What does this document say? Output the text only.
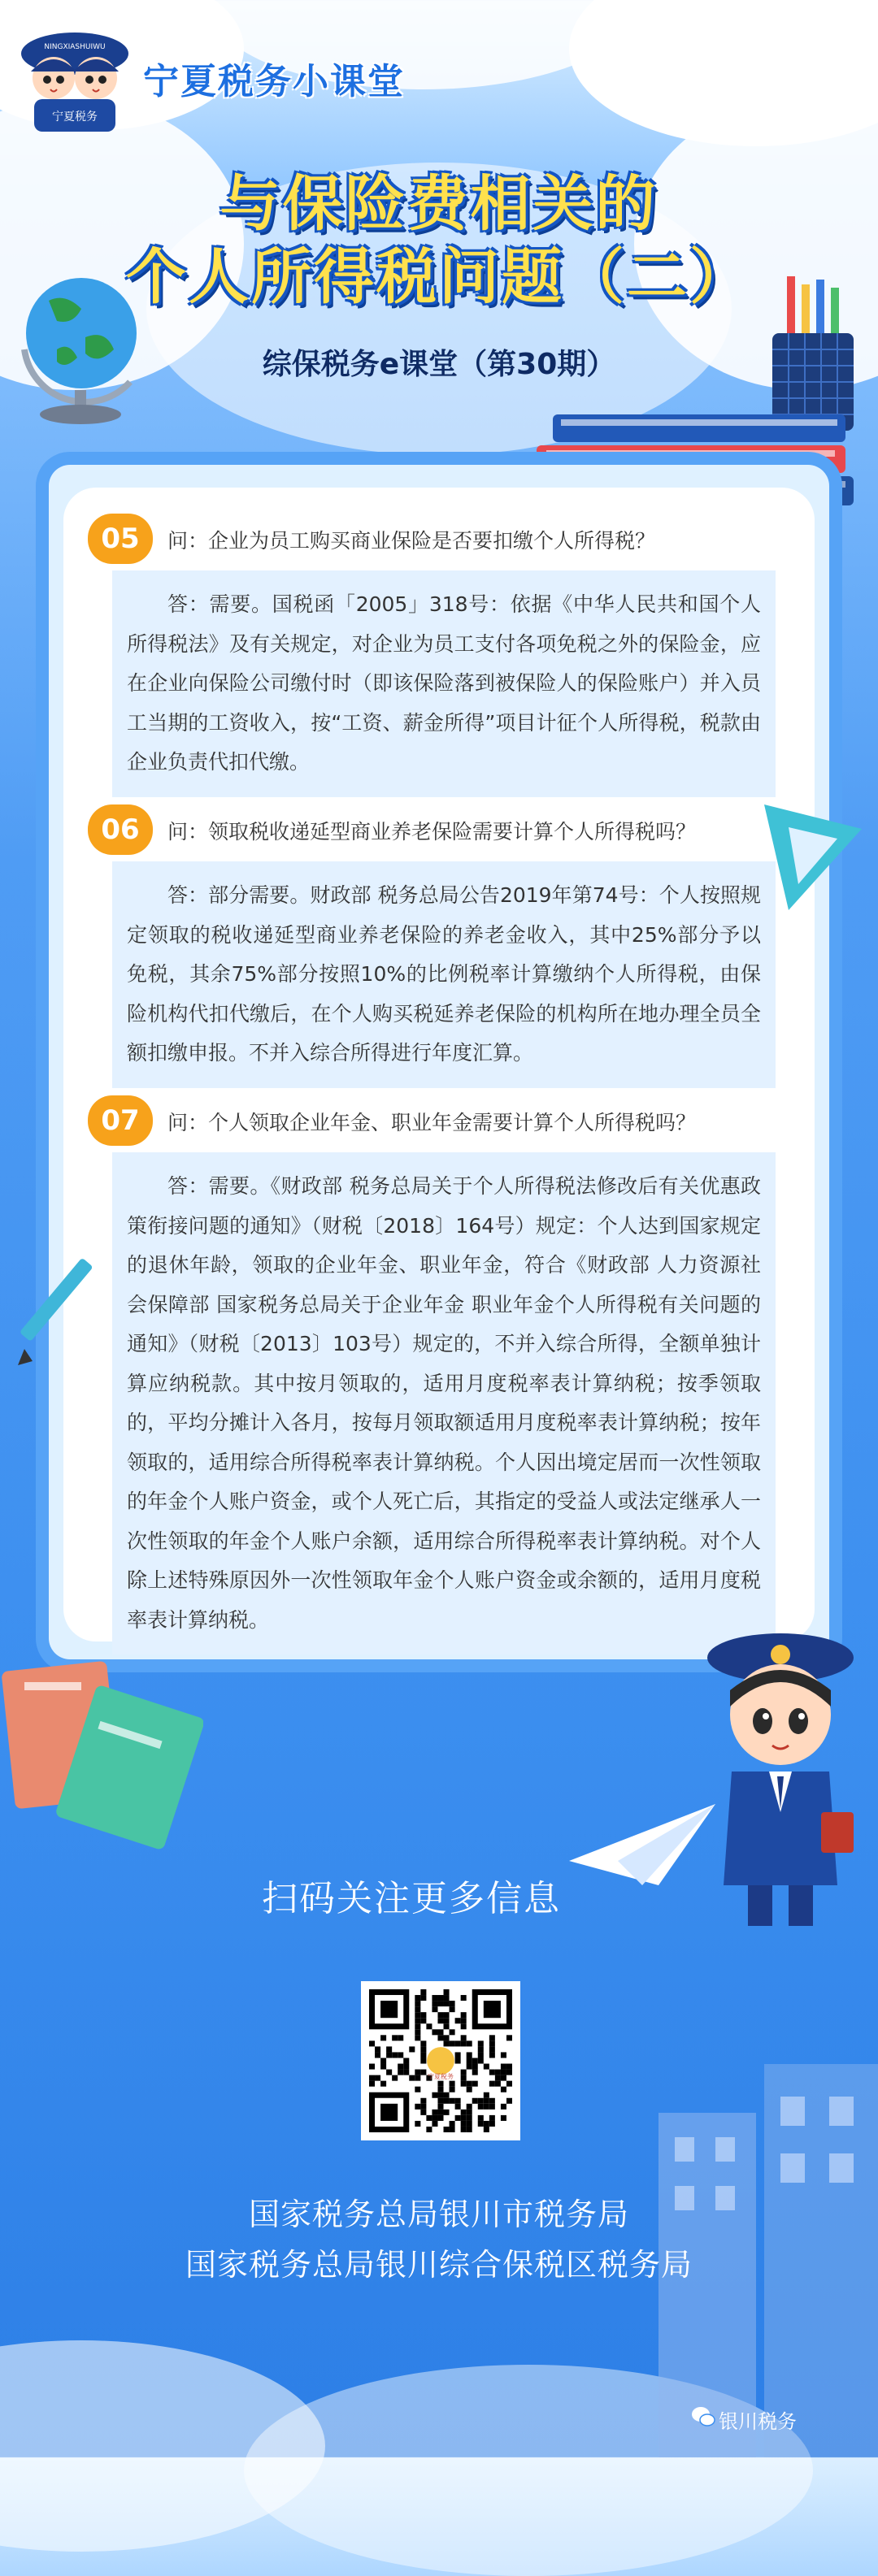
NINGXIASHUIWU
宁夏税务
宁夏税务小课堂
与保险费相关的
个人所得税问题（二）
综保税务e课堂（第30期）
05	问：企业为员工购买商业保险是否要扣缴个人所得税？
答：需要。国税函「2005」318号：依据《中华人民共和国个人所得税法》及有关规定，对企业为员工支付各项免税之外的保险金，应在企业向保险公司缴付时（即该保险落到被保险人的保险账户）并入员工当期的工资收入，按“工资、薪金所得”项目计征个人所得税，税款由企业负责代扣代缴。
06	问：领取税收递延型商业养老保险需要计算个人所得税吗？
答：部分需要。财政部 税务总局公告2019年第74号：个人按照规定领取的税收递延型商业养老保险的养老金收入，其中25%部分予以免税，其余75%部分按照10%的比例税率计算缴纳个人所得税，由保险机构代扣代缴后，在个人购买税延养老保险的机构所在地办理全员全额扣缴申报。不并入综合所得进行年度汇算。
07	问：个人领取企业年金、职业年金需要计算个人所得税吗？
答：需要。《财政部 税务总局关于个人所得税法修改后有关优惠政策衔接问题的通知》（财税〔2018〕164号）规定：个人达到国家规定的退休年龄，领取的企业年金、职业年金，符合《财政部 人力资源社会保障部 国家税务总局关于企业年金 职业年金个人所得税有关问题的通知》（财税〔2013〕103号）规定的，不并入综合所得，全额单独计算应纳税款。其中按月领取的，适用月度税率表计算纳税；按季领取的，平均分摊计入各月，按每月领取额适用月度税率表计算纳税；按年领取的，适用综合所得税率表计算纳税。个人因出境定居而一次性领取的年金个人账户资金，或个人死亡后，其指定的受益人或法定继承人一次性领取的年金个人账户余额，适用综合所得税率表计算纳税。对个人除上述特殊原因外一次性领取年金个人账户资金或余额的，适用月度税率表计算纳税。
扫码关注更多信息
宁夏税务
国家税务总局银川市税务局
国家税务总局银川综合保税区税务局
银川税务
